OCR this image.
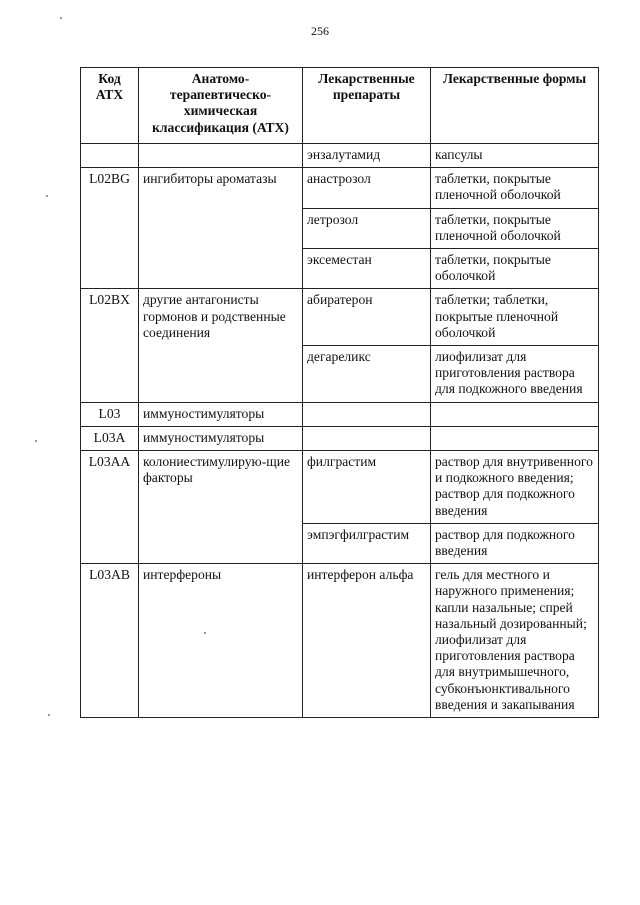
256
Код АТХ	Анатомо-терапевтическо-химическая классификация (АТХ)	Лекарственные препараты	Лекарственные формы
		энзалутамид	капсулы
L02BG	ингибиторы ароматазы	анастрозол	таблетки, покрытые пленочной оболочкой
		летрозол	таблетки, покрытые пленочной оболочкой
		эксеместан	таблетки, покрытые оболочкой
L02BX	другие антагонисты гормонов и родственные соединения	абиратерон	таблетки; таблетки, покрытые пленочной оболочкой
		дегареликс	лиофилизат для приготовления раствора для подкожного введения
L03	иммуностимуляторы		
L03A	иммуностимуляторы		
L03AA	колониестимулирую-щие факторы	филграстим	раствор для внутривенного и подкожного введения; раствор для подкожного введения
		эмпэгфилграстим	раствор для подкожного введения
L03AB	интерфероны	интерферон альфа	гель для местного и наружного применения; капли назальные; спрей назальный дозированный; лиофилизат для приготовления раствора для внутримышечного, субконъюнктивального введения и закапывания
